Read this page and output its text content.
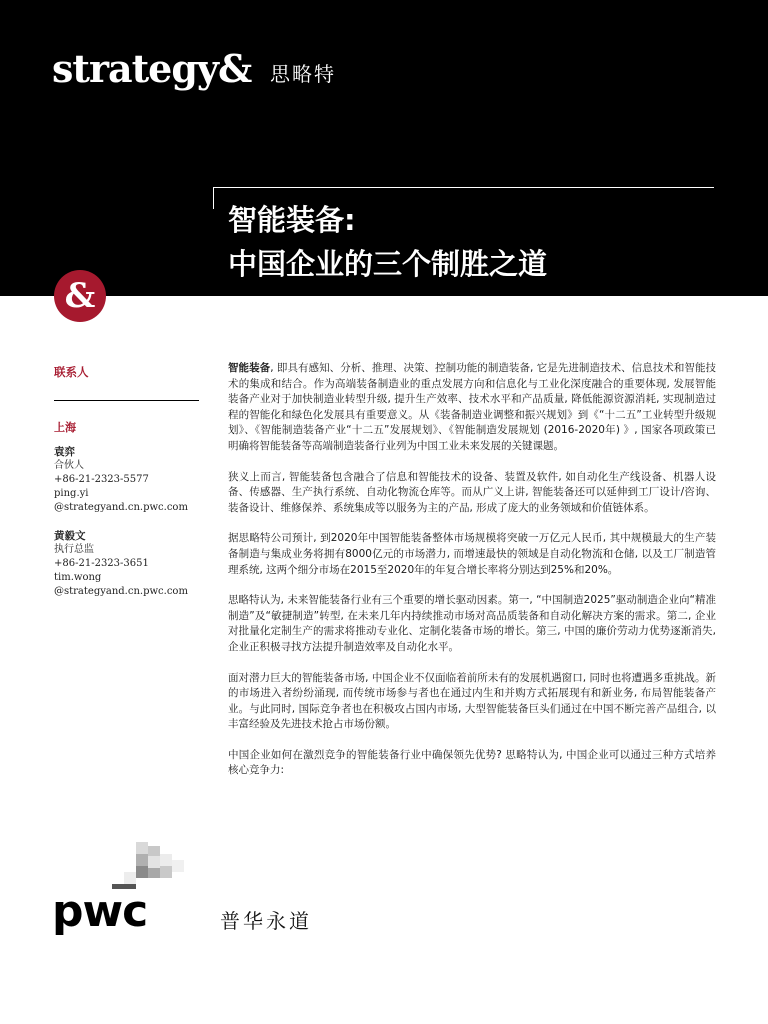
strategy& 思略特
智能装备:
中国企业的三个制胜之道
&
联系人
上海
袁弈
合伙人
+86-21-2323-5577
ping.yi
@strategyand.cn.pwc.com
黄毅文
执行总监
+86-21-2323-3651
tim.wong
@strategyand.cn.pwc.com

智能装备, 即具有感知、分析、推理、决策、控制功能的制造装备, 它是先进制造技术、信息技术和智能技术的集成和结合。作为高端装备制造业的重点发展方向和信息化与工业化深度融合的重要体现, 发展智能装备产业对于加快制造业转型升级, 提升生产效率、技术水平和产品质量, 降低能源资源消耗, 实现制造过程的智能化和绿色化发展具有重要意义。从《装备制造业调整和振兴规划》到《“十二五”工业转型升级规划》、《智能制造装备产业“十二五”发展规划》、《智能制造发展规划 (2016-2020年) 》, 国家各项政策已明确将智能装备等高端制造装备行业列为中国工业未来发展的关键课题。

狭义上而言, 智能装备包含融合了信息和智能技术的设备、装置及软件, 如自动化生产线设备、机器人设备、传感器、生产执行系统、自动化物流仓库等。而从广义上讲, 智能装备还可以延伸到工厂设计/咨询、装备设计、维修保养、系统集成等以服务为主的产品, 形成了庞大的业务领域和价值链体系。

据思略特公司预计, 到2020年中国智能装备整体市场规模将突破一万亿元人民币, 其中规模最大的生产装备制造与集成业务将拥有8000亿元的市场潜力, 而增速最快的领域是自动化物流和仓储, 以及工厂制造管理系统, 这两个细分市场在2015至2020年的年复合增长率将分别达到25%和20%。

思略特认为, 未来智能装备行业有三个重要的增长驱动因素。第一, “中国制造2025”驱动制造企业向“精准制造”及“敏捷制造”转型, 在未来几年内持续推动市场对高品质装备和自动化解决方案的需求。第二, 企业对批量化定制生产的需求将推动专业化、定制化装备市场的增长。第三, 中国的廉价劳动力优势逐渐消失, 企业正积极寻找方法提升制造效率及自动化水平。

面对潜力巨大的智能装备市场, 中国企业不仅面临着前所未有的发展机遇窗口, 同时也将遭遇多重挑战。新的市场进入者纷纷涌现, 而传统市场参与者也在通过内生和并购方式拓展现有和新业务, 布局智能装备产业。与此同时, 国际竞争者也在积极攻占国内市场, 大型智能装备巨头们通过在中国不断完善产品组合, 以丰富经验及先进技术抢占市场份额。

中国企业如何在激烈竞争的智能装备行业中确保领先优势? 思略特认为, 中国企业可以通过三种方式培养核心竞争力:

pwc	普华永道
